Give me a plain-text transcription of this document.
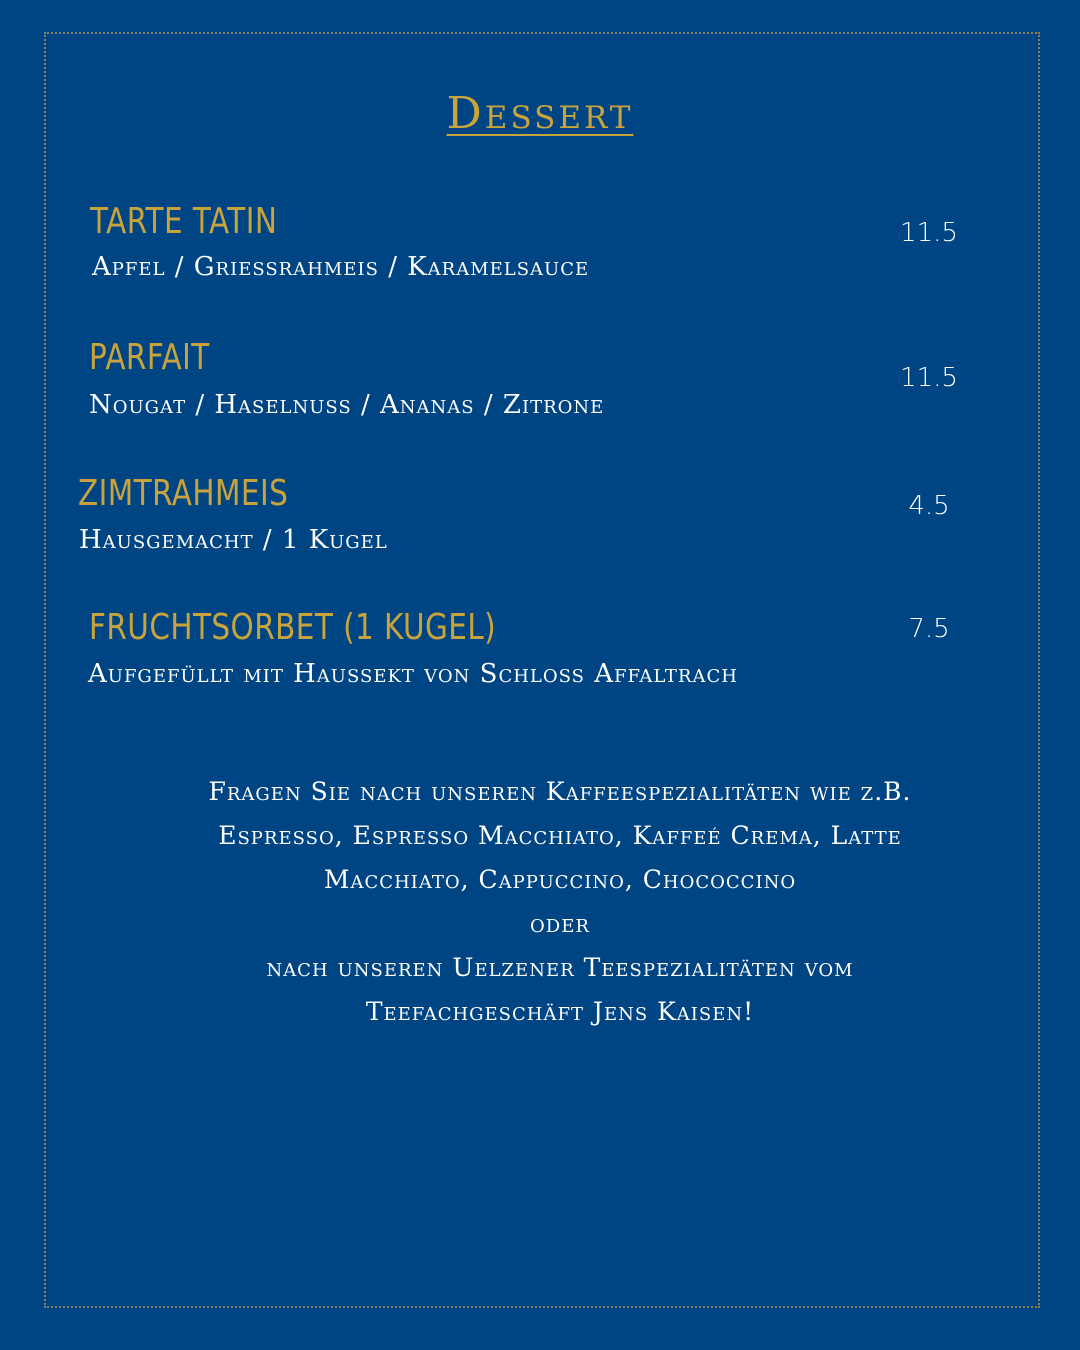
Dessert
TARTE TATIN
Apfel / Griessrahmeis / Karamelsauce
11.5
PARFAIT
Nougat / Haselnuss / Ananas / Zitrone
11.5
ZIMTRAHMEIS
Hausgemacht / 1 Kugel
4.5
FRUCHTSORBET (1 KUGEL)
Aufgefüllt mit Haussekt von Schloss Affaltrach
7.5
Fragen Sie nach unseren Kaffeespezialitäten wie z.B.
Espresso, Espresso Macchiato, Kaffeé Crema, Latte
Macchiato, Cappuccino, Chococcino
oder
nach unseren Uelzener Teespezialitäten vom
Teefachgeschäft Jens Kaisen!
